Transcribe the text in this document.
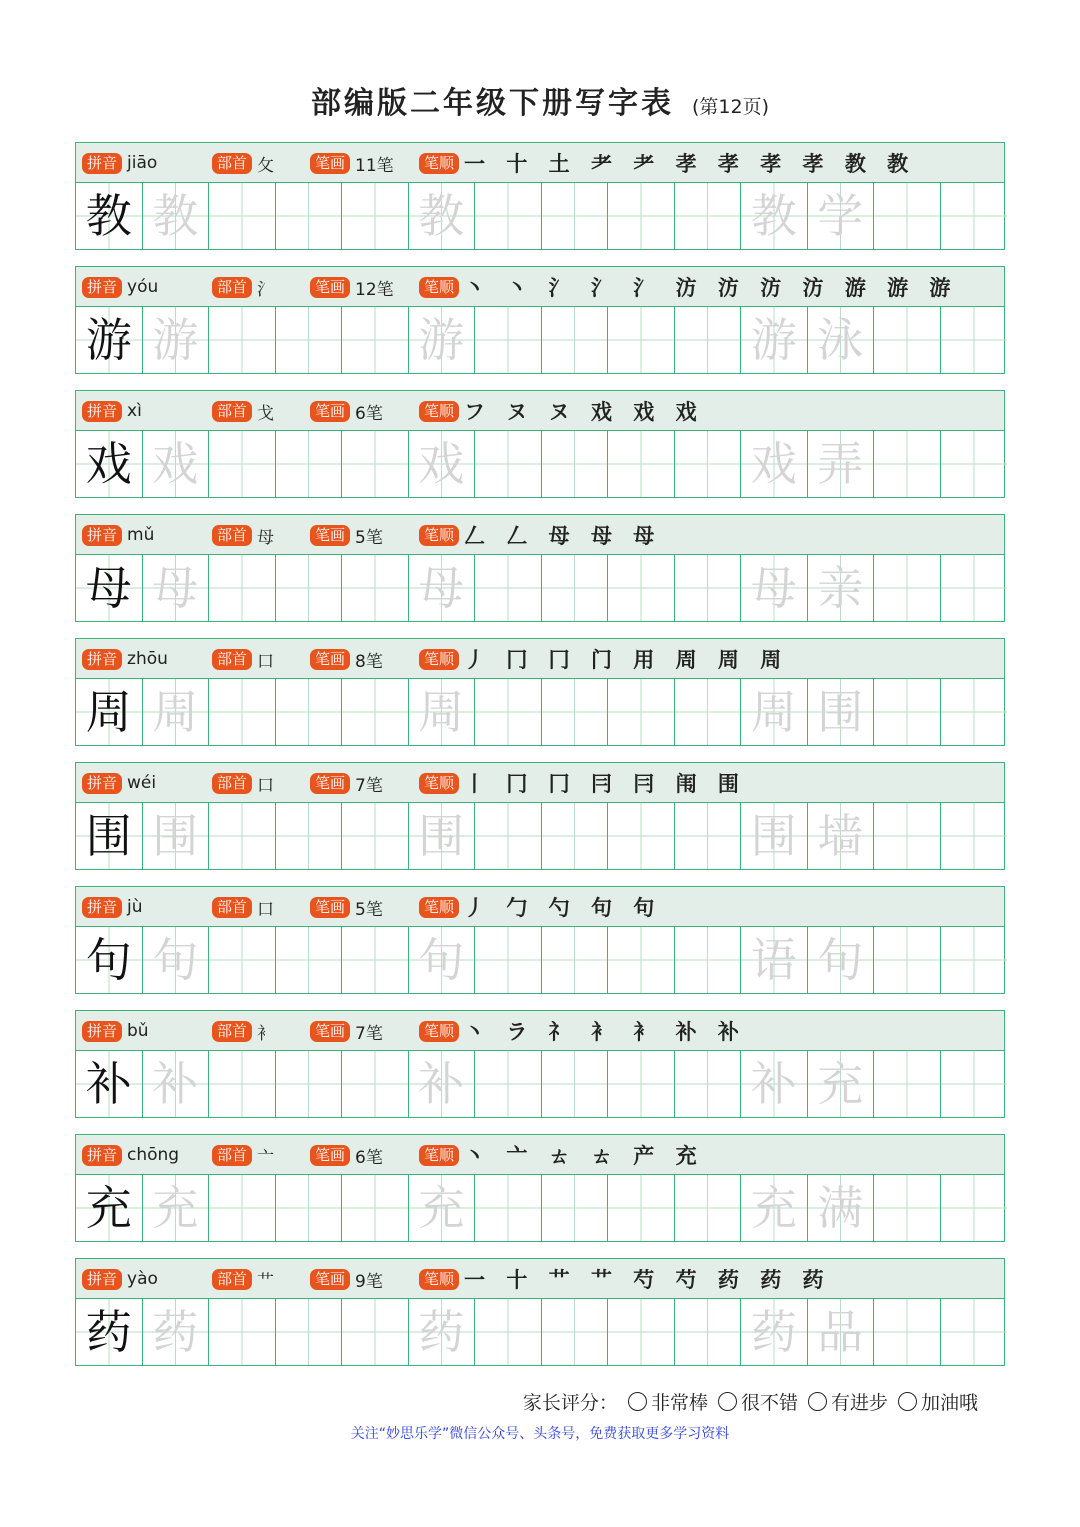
部编版二年级下册写字表 (第12页)
拼音 jiāo	部首 攵	笔画 11笔	笔顺 一 十 土 耂 耂 孝 孝 孝 孝 教 教
教 教	教	教 学
拼音 yóu	部首 氵	笔画 12笔	笔顺 丶 丶 氵 氵 氵 汸 汸 汸 汸 游 游 游
游 游	游	游 泳
拼音 xì	部首 戈	笔画 6笔	笔顺 フ ヌ ヌ 戏 戏 戏
戏 戏	戏	戏 弄
拼音 mǔ	部首 母	笔画 5笔	笔顺 𠃋 𠃋 母 母 母
母 母	母	母 亲
拼音 zhōu	部首 口	笔画 8笔	笔顺 丿 冂 冂 门 用 周 周 周
周 周	周	周 围
拼音 wéi	部首 口	笔画 7笔	笔顺 丨 冂 冂 冃 冃 闱 围
围 围	围	围 墙
拼音 jù	部首 口	笔画 5笔	笔顺 丿 勹 勺 句 句
句 句	句	语 句
拼音 bǔ	部首 衤	笔画 7笔	笔顺 丶 ラ 礻 衤 衤 补 补
补 补	补	补 充
拼音 chōng	部首 亠	笔画 6笔	笔顺 丶 亠 ㄊ ㄊ 产 充
充 充	充	充 满
拼音 yào	部首 艹	笔画 9笔	笔顺 一 十 艹 艹 芍 芍 药 药 药
药 药	药	药 品
家长评分： 非常棒 很不错 有进步 加油哦
关注“妙思乐学”微信公众号、头条号，免费获取更多学习资料
